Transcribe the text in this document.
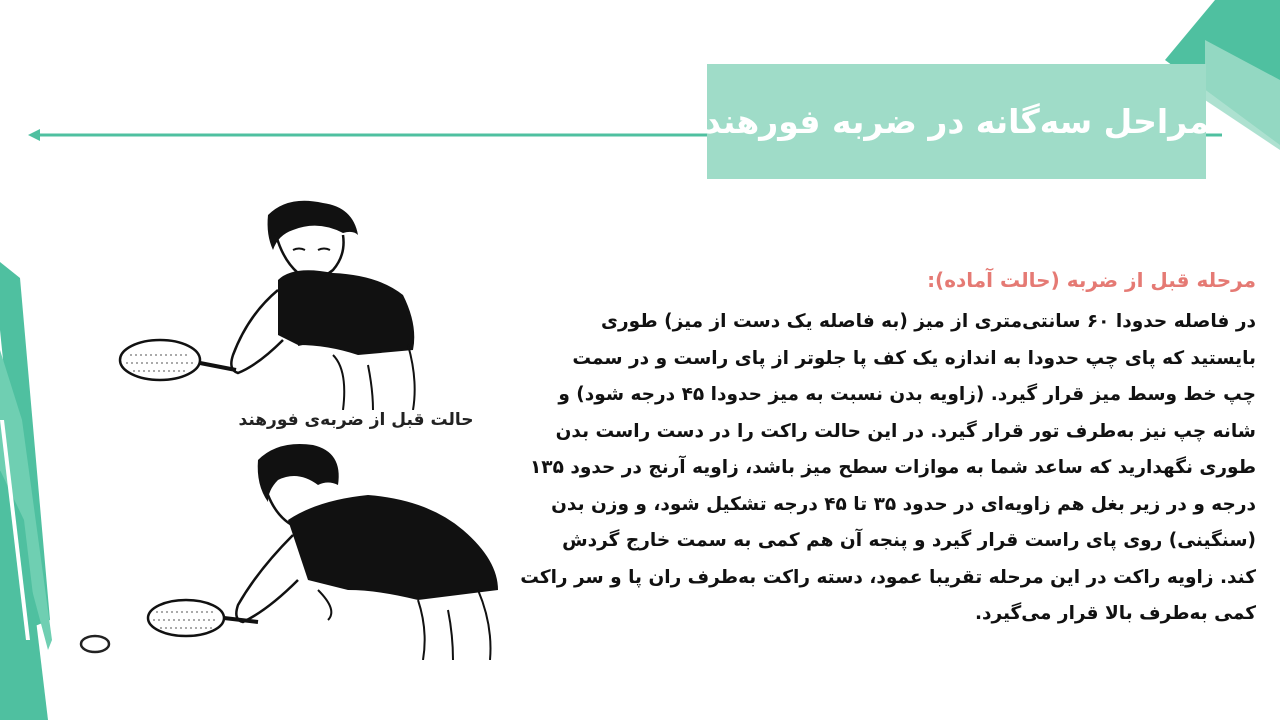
مراحل سه‌گانه در ضربه فورهند
حالت قبل از ضربه‌ی فورهند
مرحله قبل از ضربه (حالت آماده):

در فاصله حدودا ۶۰ سانتی‌متری از میز (به فاصله یک دست از میز) طوری

بایستید که پای چپ حدودا به اندازه یک کف پا جلوتر از پای راست و در سمت

چپ خط وسط میز قرار گیرد. (زاویه بدن نسبت به میز حدودا ۴۵ درجه شود) و

شانه چپ نیز به‌طرف تور قرار گیرد. در این حالت راکت را در دست راست بدن

طوری نگهدارید که ساعد شما به موازات سطح میز باشد، زاویه آرنج در حدود ۱۳۵

درجه و در زیر بغل هم زاویه‌ای در حدود ۳۵ تا ۴۵ درجه تشکیل شود، و وزن بدن

(سنگینی) روی پای راست قرار گیرد و پنجه آن هم کمی به سمت خارج گردش

کند. زاویه راکت در این مرحله تقریبا عمود، دسته راکت به‌طرف ران پا و سر راکت

کمی به‌طرف بالا قرار می‌گیرد.
